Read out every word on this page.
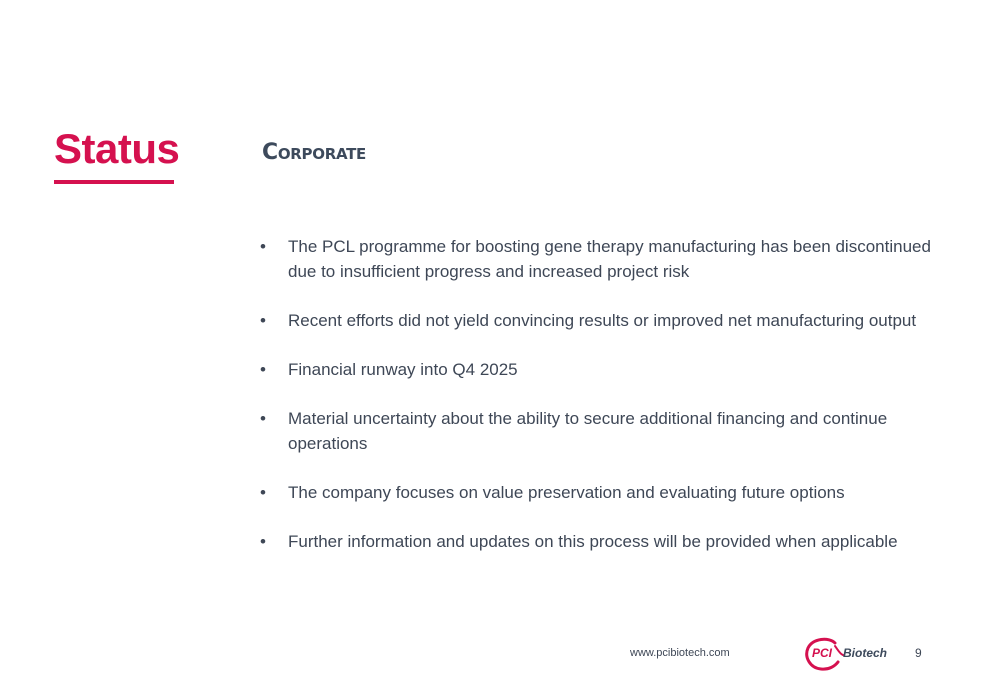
Status	Corporate
• The PCL programme for boosting gene therapy manufacturing has been discontinued due to insufficient progress and increased project risk
• Recent efforts did not yield convincing results or improved net manufacturing output
• Financial runway into Q4 2025
• Material uncertainty about the ability to secure additional financing and continue operations
• The company focuses on value preservation and evaluating future options
• Further information and updates on this process will be provided when applicable
www.pcibiotech.com	PCI Biotech 9
